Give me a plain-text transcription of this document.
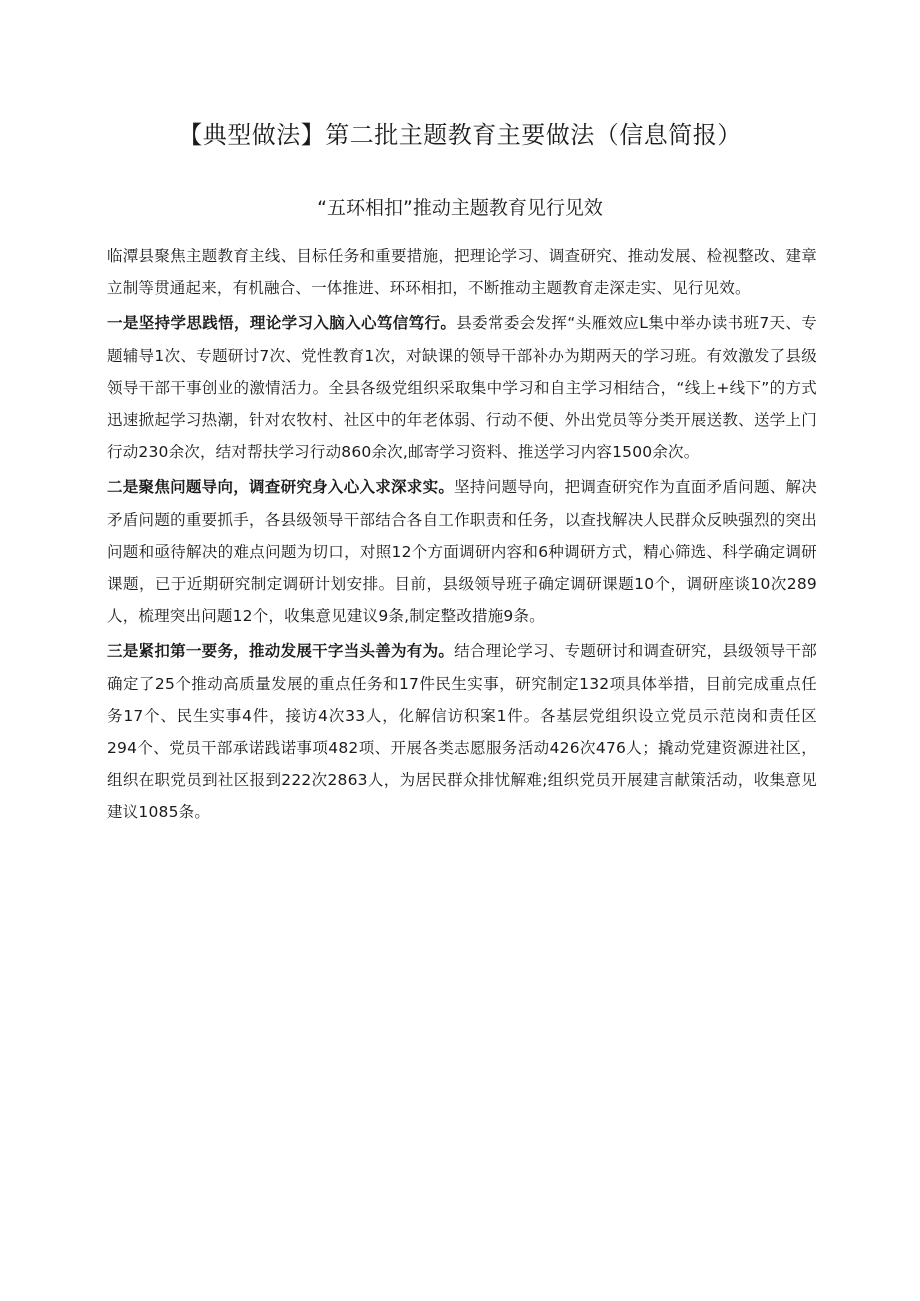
【典型做法】第二批主题教育主要做法（信息简报）
“五环相扣”推动主题教育见行见效

临潭县聚焦主题教育主线、目标任务和重要措施，把理论学习、调查研究、推动发展、检视整改、建章立制等贯通起来，有机融合、一体推进、环环相扣，不断推动主题教育走深走实、见行见效。

一是坚持学思践悟，理论学习入脑入心笃信笃行。县委常委会发挥“头雁效应L集中举办读书班7天、专题辅导1次、专题研讨7次、党性教育1次，对缺课的领导干部补办为期两天的学习班。有效激发了县级领导干部干事创业的激情活力。全县各级党组织采取集中学习和自主学习相结合，“线上+线下”的方式迅速掀起学习热潮，针对农牧村、社区中的年老体弱、行动不便、外出党员等分类开展送教、送学上门行动230余次，结对帮扶学习行动860余次,邮寄学习资料、推送学习内容1500余次。

二是聚焦问题导向，调查研究身入心入求深求实。坚持问题导向，把调查研究作为直面矛盾问题、解决矛盾问题的重要抓手，各县级领导干部结合各自工作职责和任务，以查找解决人民群众反映强烈的突出问题和亟待解决的难点问题为切口，对照12个方面调研内容和6种调研方式，精心筛选、科学确定调研课题，已于近期研究制定调研计划安排。目前，县级领导班子确定调研课题10个，调研座谈10次289人，梳理突出问题12个，收集意见建议9条,制定整改措施9条。

三是紧扣第一要务，推动发展干字当头善为有为。结合理论学习、专题研讨和调查研究，县级领导干部确定了25个推动高质量发展的重点任务和17件民生实事，研究制定132项具体举措，目前完成重点任务17个、民生实事4件，接访4次33人，化解信访积案1件。各基层党组织设立党员示范岗和责任区294个、党员干部承诺践诺事项482项、开展各类志愿服务活动426次476人；撬动党建资源进社区，组织在职党员到社区报到222次2863人，为居民群众排忧解难;组织党员开展建言献策活动，收集意见建议1085条。
